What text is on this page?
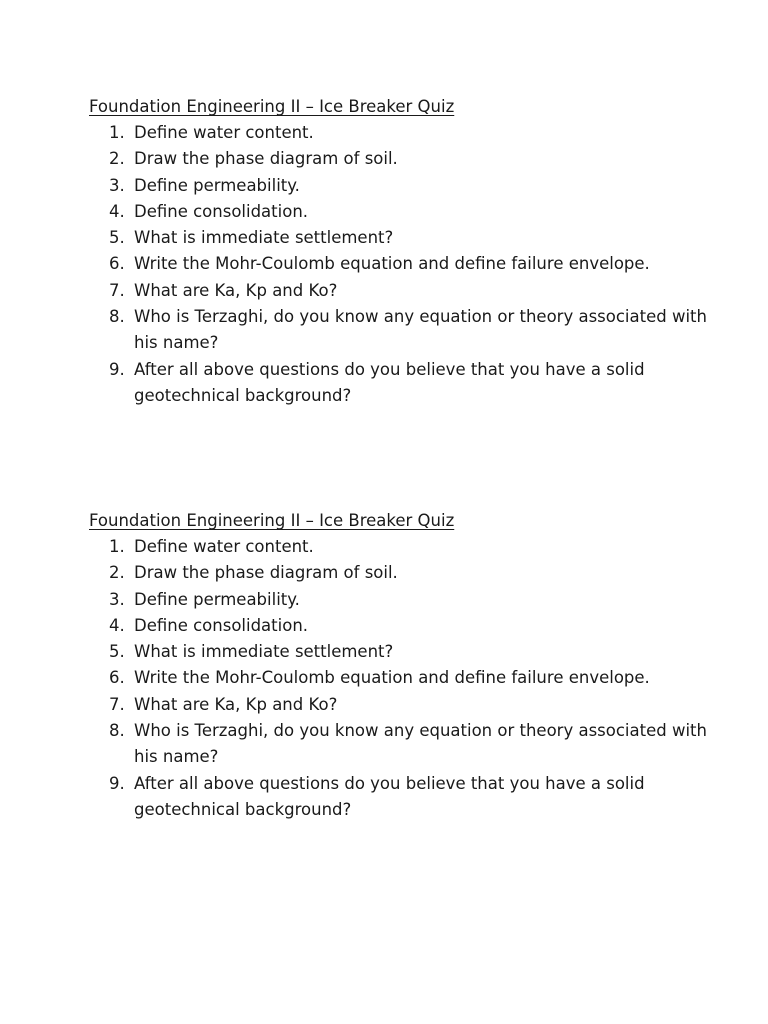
Foundation Engineering II – Ice Breaker Quiz
1. Define water content.
2. Draw the phase diagram of soil.
3. Define permeability.
4. Define consolidation.
5. What is immediate settlement?
6. Write the Mohr-Coulomb equation and define failure envelope.
7. What are Ka, Kp and Ko?
8. Who is Terzaghi, do you know any equation or theory associated with his name?
9. After all above questions do you believe that you have a solid geotechnical background?
Foundation Engineering II – Ice Breaker Quiz
1. Define water content.
2. Draw the phase diagram of soil.
3. Define permeability.
4. Define consolidation.
5. What is immediate settlement?
6. Write the Mohr-Coulomb equation and define failure envelope.
7. What are Ka, Kp and Ko?
8. Who is Terzaghi, do you know any equation or theory associated with his name?
9. After all above questions do you believe that you have a solid geotechnical background?
